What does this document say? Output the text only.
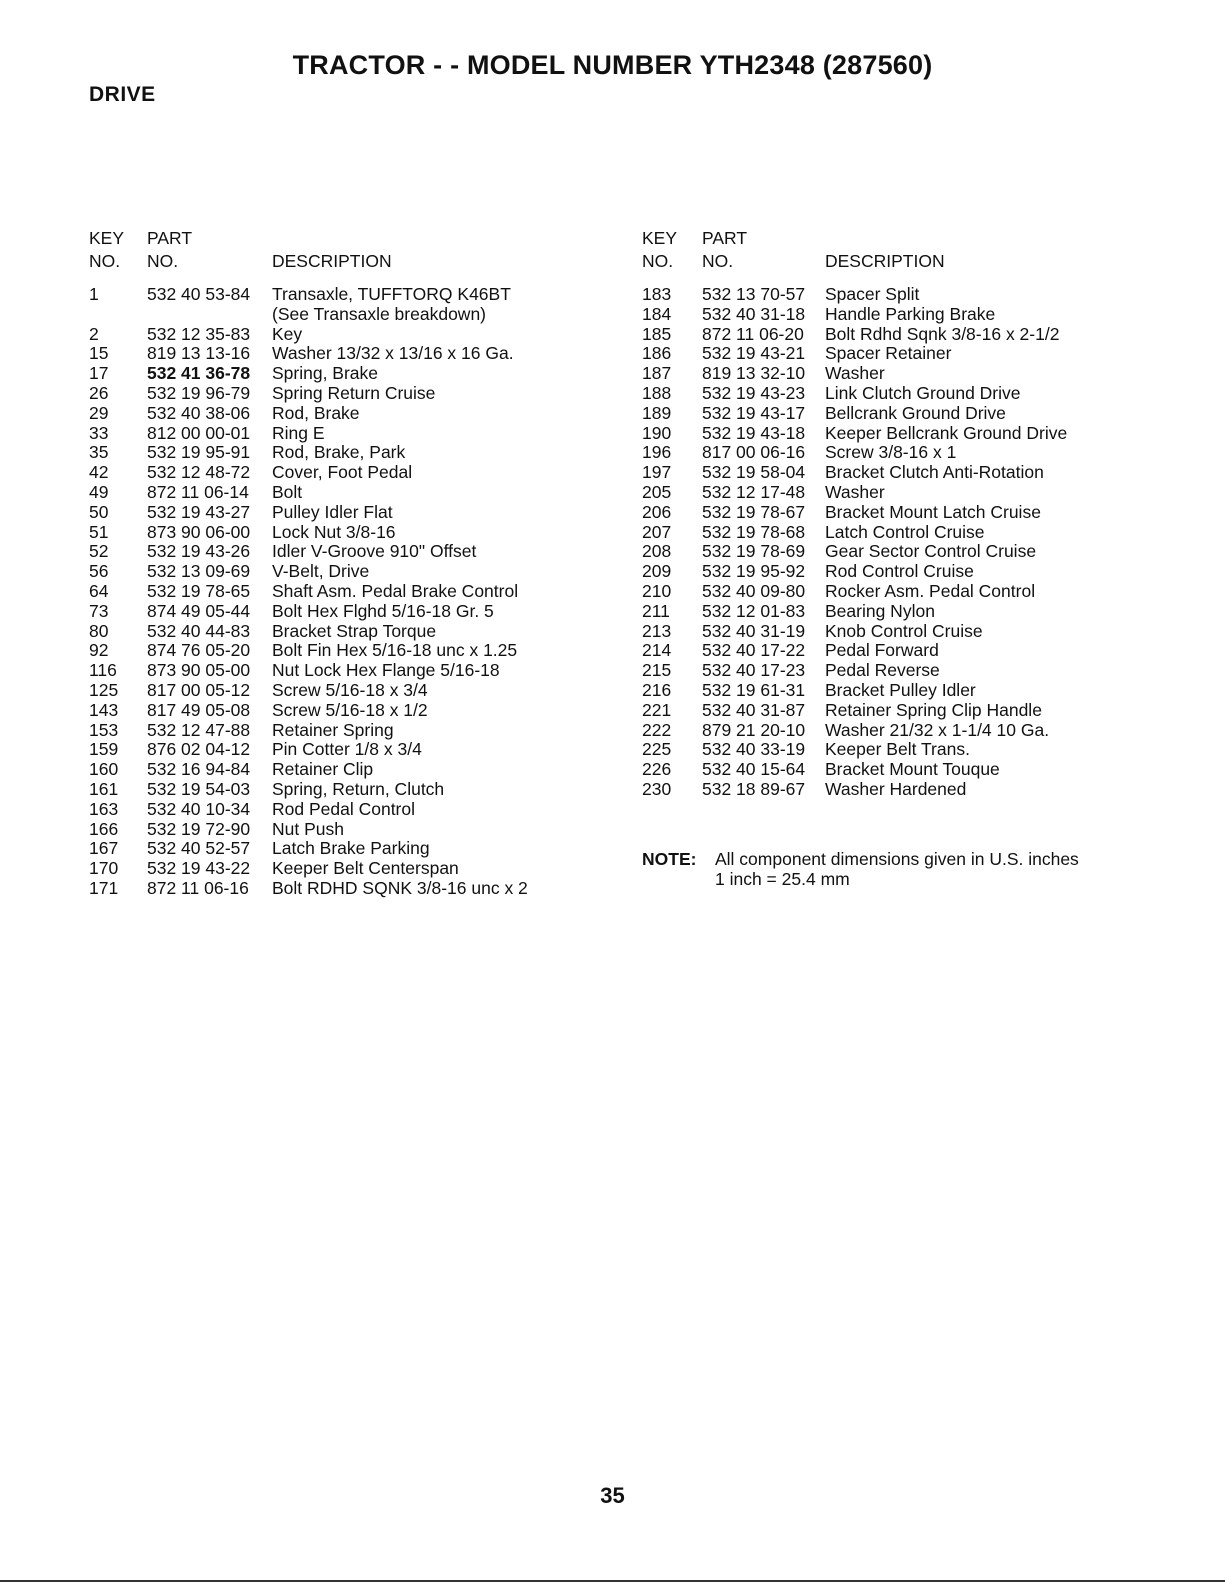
TRACTOR - - MODEL NUMBER YTH2348 (287560)
DRIVE
KEY
NO.
PART
NO.	DESCRIPTION
1	532 40 53-84	Transaxle, TUFFTORQ K46BT
(See Transaxle breakdown)
2	532 12 35-83	Key
15	819 13 13-16	Washer 13/32 x 13/16 x 16 Ga.
17	532 41 36-78	Spring, Brake
26	532 19 96-79	Spring Return Cruise
29	532 40 38-06	Rod, Brake
33	812 00 00-01	Ring E
35	532 19 95-91	Rod, Brake, Park
42	532 12 48-72	Cover, Foot Pedal
49	872 11 06-14	Bolt
50	532 19 43-27	Pulley Idler Flat
51	873 90 06-00	Lock Nut 3/8-16
52	532 19 43-26	Idler V-Groove 910" Offset
56	532 13 09-69	V-Belt, Drive
64	532 19 78-65	Shaft Asm. Pedal Brake Control
73	874 49 05-44	Bolt Hex Flghd 5/16-18 Gr. 5
80	532 40 44-83	Bracket Strap Torque
92	874 76 05-20	Bolt Fin Hex 5/16-18 unc x 1.25
116	873 90 05-00	Nut Lock Hex Flange 5/16-18
125	817 00 05-12	Screw 5/16-18 x 3/4
143	817 49 05-08	Screw 5/16-18 x 1/2
153	532 12 47-88	Retainer Spring
159	876 02 04-12	Pin Cotter 1/8 x 3/4
160	532 16 94-84	Retainer Clip
161	532 19 54-03	Spring, Return, Clutch
163	532 40 10-34	Rod Pedal Control
166	532 19 72-90	Nut Push
167	532 40 52-57	Latch Brake Parking
170	532 19 43-22	Keeper Belt Centerspan
171	872 11 06-16	Bolt RDHD SQNK 3/8-16 unc x 2
KEY
NO.
PART
NO.	DESCRIPTION
183	532 13 70-57	Spacer Split
184	532 40 31-18	Handle Parking Brake
185	872 11 06-20	Bolt Rdhd Sqnk 3/8-16 x 2-1/2
186	532 19 43-21	Spacer Retainer
187	819 13 32-10	Washer
188	532 19 43-23	Link Clutch Ground Drive
189	532 19 43-17	Bellcrank Ground Drive
190	532 19 43-18	Keeper Bellcrank Ground Drive
196	817 00 06-16	Screw 3/8-16 x 1
197	532 19 58-04	Bracket Clutch Anti-Rotation
205	532 12 17-48	Washer
206	532 19 78-67	Bracket Mount Latch Cruise
207	532 19 78-68	Latch Control Cruise
208	532 19 78-69	Gear Sector Control Cruise
209	532 19 95-92	Rod Control Cruise
210	532 40 09-80	Rocker Asm. Pedal Control
211	532 12 01-83	Bearing Nylon
213	532 40 31-19	Knob Control Cruise
214	532 40 17-22	Pedal Forward
215	532 40 17-23	Pedal Reverse
216	532 19 61-31	Bracket Pulley Idler
221	532 40 31-87	Retainer Spring Clip Handle
222	879 21 20-10	Washer 21/32 x 1-1/4 10 Ga.
225	532 40 33-19	Keeper Belt Trans.
226	532 40 15-64	Bracket Mount Touque
230	532 18 89-67	Washer Hardened
NOTE: All component dimensions given in U.S. inches
1 inch = 25.4 mm
35
